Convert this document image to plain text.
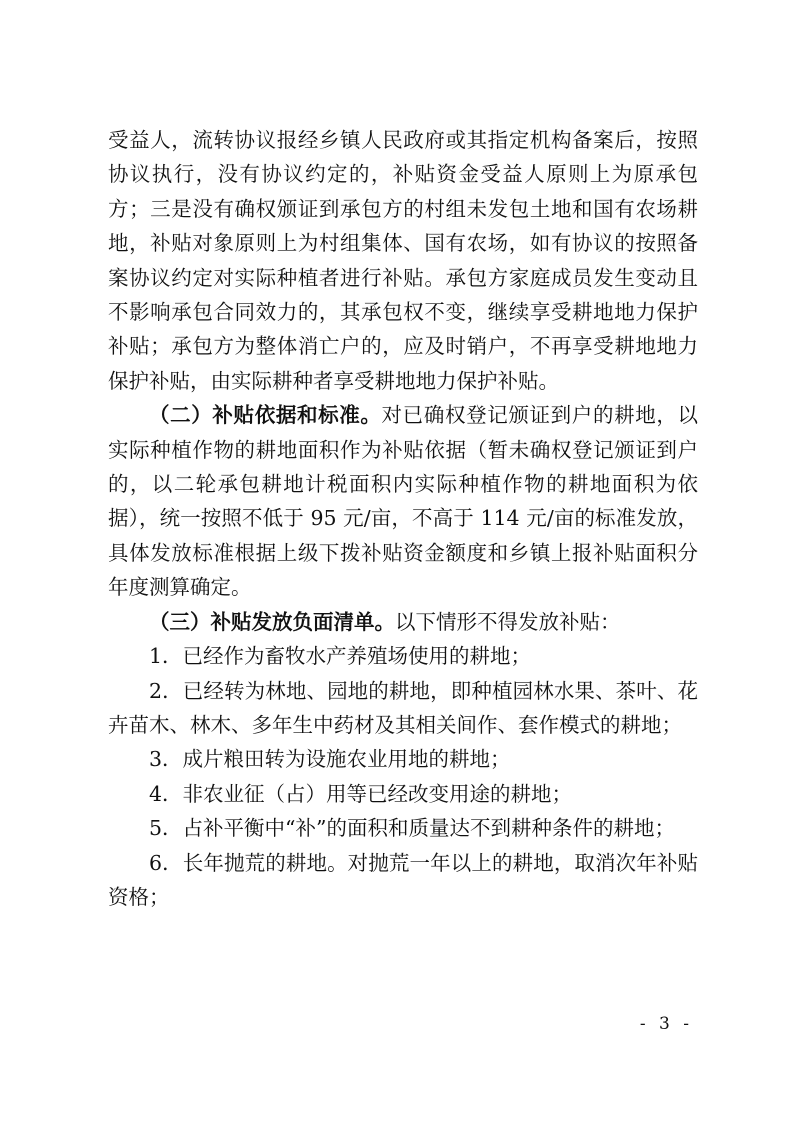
受益人，流转协议报经乡镇人民政府或其指定机构备案后，按照协议执行，没有协议约定的，补贴资金受益人原则上为原承包方；三是没有确权颁证到承包方的村组未发包土地和国有农场耕地，补贴对象原则上为村组集体、国有农场，如有协议的按照备案协议约定对实际种植者进行补贴。承包方家庭成员发生变动且不影响承包合同效力的，其承包权不变，继续享受耕地地力保护补贴；承包方为整体消亡户的，应及时销户，不再享受耕地地力保护补贴，由实际耕种者享受耕地地力保护补贴。

（二）补贴依据和标准。对已确权登记颁证到户的耕地，以实际种植作物的耕地面积作为补贴依据（暂未确权登记颁证到户的，以二轮承包耕地计税面积内实际种植作物的耕地面积为依据），统一按照不低于 95 元/亩，不高于 114 元/亩的标准发放，具体发放标准根据上级下拨补贴资金额度和乡镇上报补贴面积分年度测算确定。

（三）补贴发放负面清单。以下情形不得发放补贴：

1．已经作为畜牧水产养殖场使用的耕地；

2．已经转为林地、园地的耕地，即种植园林水果、茶叶、花卉苗木、林木、多年生中药材及其相关间作、套作模式的耕地；

3．成片粮田转为设施农业用地的耕地；

4．非农业征（占）用等已经改变用途的耕地；

5．占补平衡中“补”的面积和质量达不到耕种条件的耕地；

6．长年抛荒的耕地。对抛荒一年以上的耕地，取消次年补贴资格；

- 3 -
